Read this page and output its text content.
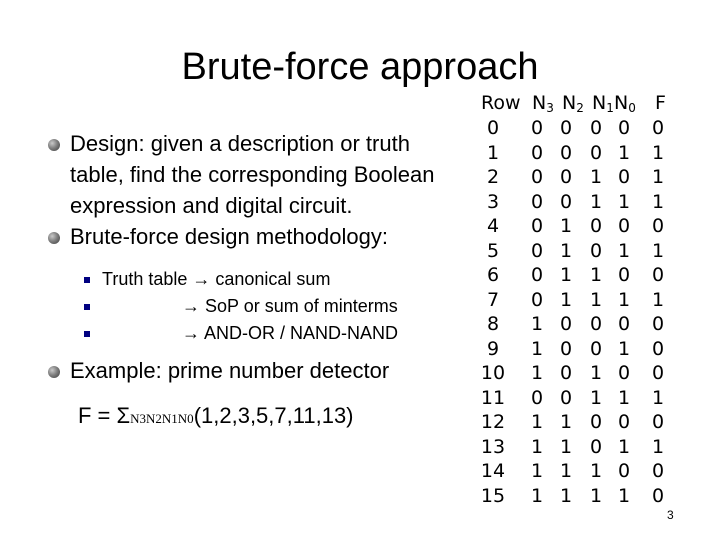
Brute-force approach
Design: given a description or truth table, find the corresponding Boolean expression and digital circuit.
Brute-force design methodology:
Truth table → canonical sum
→ SoP or sum of minterms
→ AND-OR / NAND-NAND
Example: prime number detector
F = ΣN3N2N1N0(1,2,3,5,7,11,13)
Row $N_3$ $N_2$ $N_1$ $N_0$ F
0
1
2
3
4
5
6
7
8
9
10
11
12
13
14
15
0
0
0
0
0
0
0
0
1
1
1
0
1
1
1
1
0
0
0
0
1
1
1
1
0
0
0
0
1
1
1
1
0
0
1
1
0
0
1
1
0
0
1
1
0
0
1
1
0
1
0
1
0
1
0
1
0
1
0
1
0
1
0
1
0
1
1
1
0
1
0
1
0
0
0
1
0
1
0
0
3
